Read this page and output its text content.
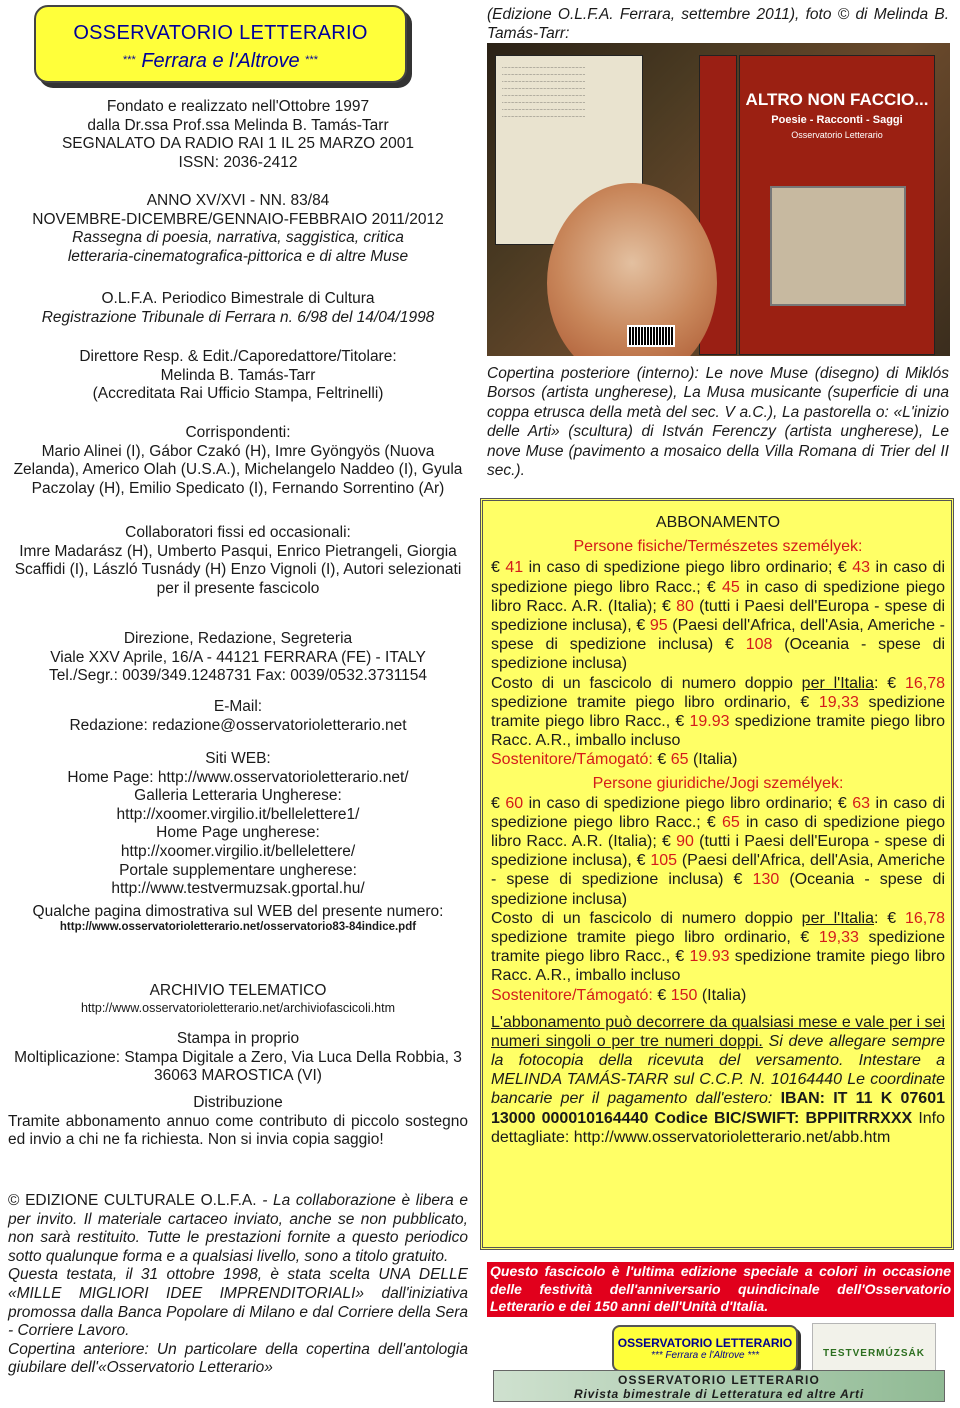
OSSERVATORIO LETTERARIO
*** Ferrara e l'Altrove ***
Fondato e realizzato nell'Ottobre 1997
dalla Dr.ssa Prof.ssa Melinda B. Tamás-Tarr
SEGNALATO DA RADIO RAI 1 IL 25 MARZO 2001
ISSN: 2036-2412
ANNO XV/XVI - NN. 83/84
NOVEMBRE-DICEMBRE/GENNAIO-FEBBRAIO 2011/2012
Rassegna di poesia, narrativa, saggistica, critica
letteraria-cinematografica-pittorica e di altre Muse
O.L.F.A. Periodico Bimestrale di Cultura
Registrazione Tribunale di Ferrara n. 6/98 del 14/04/1998
Direttore Resp. & Edit./Caporedattore/Titolare:
Melinda B. Tamás-Tarr
(Accreditata Rai Ufficio Stampa, Feltrinelli)
Corrispondenti:
Mario Alinei (I), Gábor Czakó (H), Imre Gyöngyös (Nuova Zelanda), Americo Olah (U.S.A.), Michelangelo Naddeo (I), Gyula Paczolay (H), Emilio Spedicato (I), Fernando Sorrentino (Ar)
Collaboratori fissi ed occasionali:
Imre Madarász (H), Umberto Pasqui, Enrico Pietrangeli, Giorgia Scaffidi (I), László Tusnády (H) Enzo Vignoli (I), Autori selezionati per il presente fascicolo
Direzione, Redazione, Segreteria
Viale XXV Aprile, 16/A - 44121 FERRARA (FE) - ITALY
Tel./Segr.: 0039/349.1248731 Fax: 0039/0532.3731154
E-Mail:
Redazione: redazione@osservatorioletterario.net
Siti WEB:
Home Page: http://www.osservatorioletterario.net/
Galleria Letteraria Ungherese:
http://xoomer.virgilio.it/bellelettere1/
Home Page ungherese:
http://xoomer.virgilio.it/bellelettere/
Portale supplementare ungherese:
http://www.testvermuzsak.gportal.hu/
Qualche pagina dimostrativa sul WEB del presente numero:
http://www.osservatorioletterario.net/osservatorio83-84indice.pdf
ARCHIVIO TELEMATICO
http://www.osservatorioletterario.net/archiviofascicoli.htm
Stampa in proprio
Moltiplicazione: Stampa Digitale a Zero, Via Luca Della Robbia, 3 36063 MAROSTICA (VI)
Distribuzione
Tramite abbonamento annuo come contributo di piccolo sostegno ed invio a chi ne fa richiesta. Non si invia copia saggio!
© EDIZIONE CULTURALE O.L.F.A. - La collaborazione è libera e per invito. Il materiale cartaceo inviato, anche se non pubblicato, non sarà restituito. Tutte le prestazioni fornite a questo periodico sotto qualunque forma e a qualsiasi livello, sono a titolo gratuito.
Questa testata, il 31 ottobre 1998, è stata scelta UNA DELLE «MILLE MIGLIORI IDEE IMPRENDITORIALI» dall'iniziativa promossa dalla Banca Popolare di Milano e dal Corriere della Sera - Corriere Lavoro.
Copertina anteriore: Un particolare della copertina dell'antologia giubilare dell'«Osservatorio Letterario»
(Edizione O.L.F.A. Ferrara, settembre 2011), foto © di Melinda B. Tamás-Tarr:
............................................................ ............................................................ ............................................................ ............................................................ ............................................................ ............................................................ ............................................................ ............................................................
ALTRO NON FACCIO...
Poesie - Racconti - Saggi
Osservatorio Letterario
Copertina posteriore (interno): Le nove Muse (disegno) di Miklós Borsos (artista ungherese), La Musa musicante (superficie di una coppa etrusca della metà del sec. V a.C.), La pastorella o: «L'inizio delle Arti» (scultura) di István Ferenczy (artista ungherese), Le nove Muse (pavimento a mosaico della Villa Romana di Trier del II sec.).
ABBONAMENTO
Persone fisiche/Természetes személyek:
€ 41 in caso di spedizione piego libro ordinario; € 43 in caso di spedizione piego libro Racc.; € 45 in caso di spedizione piego libro Racc. A.R. (Italia); € 80 (tutti i Paesi dell'Europa - spese di spedizione inclusa), € 95 (Paesi dell'Africa, dell'Asia, Americhe - spese di spedizione inclusa) € 108 (Oceania - spese di spedizione inclusa)
Costo di un fascicolo di numero doppio per l'Italia: € 16,78 spedizione tramite piego libro ordinario, € 19,33 spedizione tramite piego libro Racc., € 19.93 spedizione tramite piego libro Racc. A.R., imballo incluso
Sostenitore/Támogató: € 65 (Italia)
Persone giuridiche/Jogi személyek:
€ 60 in caso di spedizione piego libro ordinario; € 63 in caso di spedizione piego libro Racc.; € 65 in caso di spedizione piego libro Racc. A.R. (Italia); € 90 (tutti i Paesi dell'Europa - spese di spedizione inclusa), € 105 (Paesi dell'Africa, dell'Asia, Americhe - spese di spedizione inclusa) € 130 (Oceania - spese di spedizione inclusa)
Costo di un fascicolo di numero doppio per l'Italia: € 16,78 spedizione tramite piego libro ordinario, € 19,33 spedizione tramite piego libro Racc., € 19.93 spedizione tramite piego libro Racc. A.R., imballo incluso
Sostenitore/Támogató: € 150 (Italia)
L'abbonamento può decorrere da qualsiasi mese e vale per i sei numeri singoli o per tre numeri doppi. Si deve allegare sempre la fotocopia della ricevuta del versamento. Intestare a MELINDA TAMÁS-TARR sul C.C.P. N. 10164440 Le coordinate bancarie per il pagamento dall'estero: IBAN: IT 11 K 07601 13000 000010164440 Codice BIC/SWIFT: BPPIITRRXXX Info dettagliate: http://www.osservatorioletterario.net/abb.htm
Questo fascicolo è l'ultima edizione speciale a colori in occasione delle festività dell'anniversario quindicinale dell'Osservatorio Letterario e dei 150 anni dell'Unità d'Italia.
OSSERVATORIO LETTERARIO
*** Ferrara e l'Altrove ***	TESTVERMÚZSÁK
OSSERVATORIO LETTERARIO
Rivista bimestrale di Letteratura ed altre Arti
